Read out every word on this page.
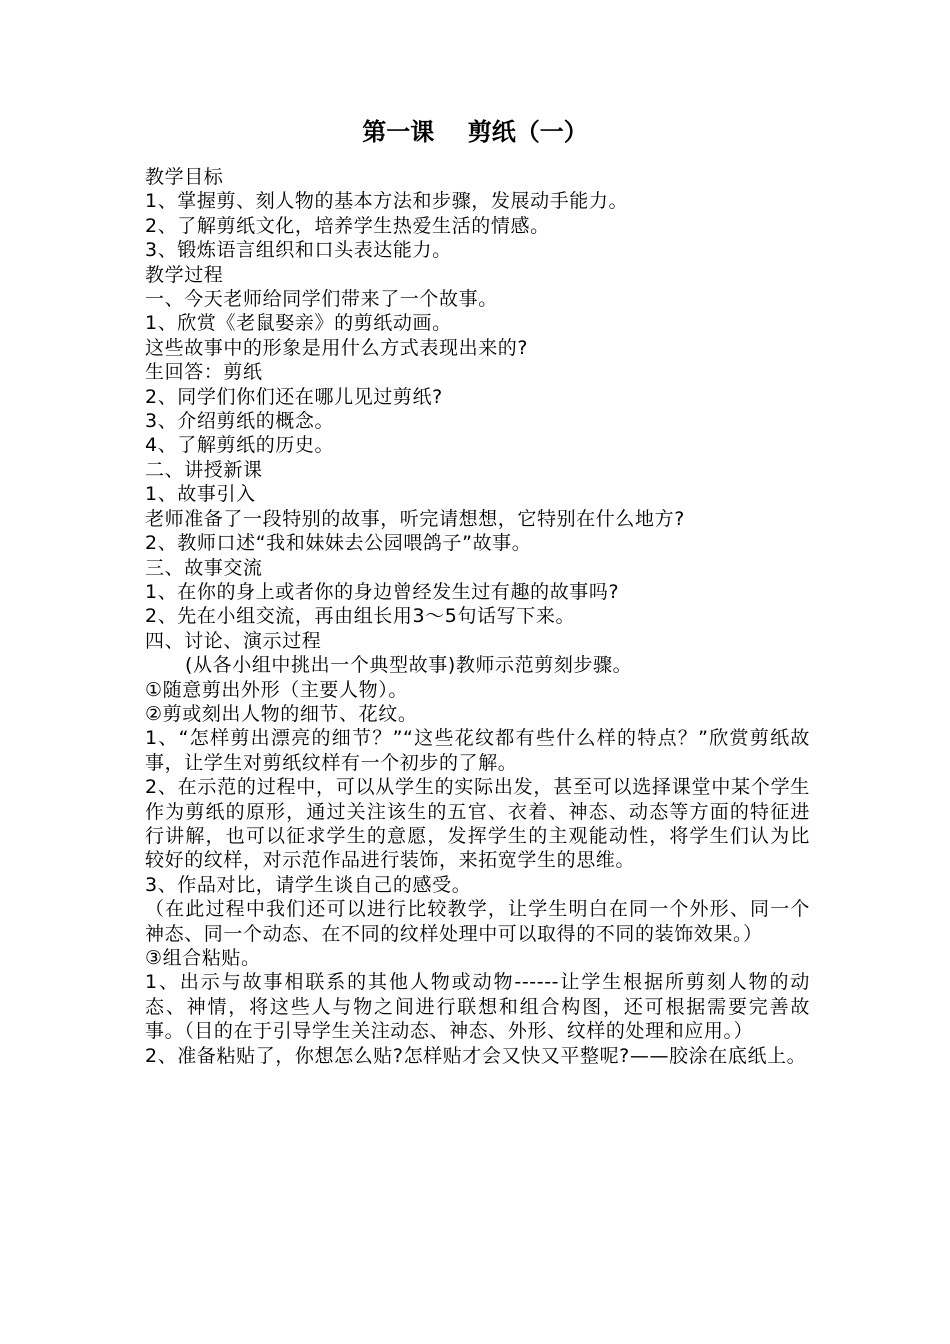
第一课    剪纸（一）

教学目标

1、掌握剪、刻人物的基本方法和步骤，发展动手能力。

2、了解剪纸文化，培养学生热爱生活的情感。

3、锻炼语言组织和口头表达能力。

教学过程

一、今天老师给同学们带来了一个故事。

1、欣赏《老鼠娶亲》的剪纸动画。

这些故事中的形象是用什么方式表现出来的?

生回答：剪纸

2、同学们你们还在哪儿见过剪纸?

3、介绍剪纸的概念。

4、了解剪纸的历史。

二、讲授新课

1、故事引入

老师准备了一段特别的故事，听完请想想，它特别在什么地方?

2、教师口述“我和妹妹去公园喂鸽子”故事。

三、故事交流

1、在你的身上或者你的身边曾经发生过有趣的故事吗?

2、先在小组交流，再由组长用3～5句话写下来。

四、讨论、演示过程

(从各小组中挑出一个典型故事)教师示范剪刻步骤。

①随意剪出外形（主要人物）。

②剪或刻出人物的细节、花纹。

1、“怎样剪出漂亮的细节？”“这些花纹都有些什么样的特点？”欣赏剪纸故事，让学生对剪纸纹样有一个初步的了解。

2、在示范的过程中，可以从学生的实际出发，甚至可以选择课堂中某个学生作为剪纸的原形，通过关注该生的五官、衣着、神态、动态等方面的特征进行讲解，也可以征求学生的意愿，发挥学生的主观能动性，将学生们认为比较好的纹样，对示范作品进行装饰，来拓宽学生的思维。

3、作品对比，请学生谈自己的感受。

（在此过程中我们还可以进行比较教学，让学生明白在同一个外形、同一个神态、同一个动态、在不同的纹样处理中可以取得的不同的装饰效果。）

③组合粘贴。

1、出示与故事相联系的其他人物或动物------让学生根据所剪刻人物的动态、神情，将这些人与物之间进行联想和组合构图，还可根据需要完善故事。（目的在于引导学生关注动态、神态、外形、纹样的处理和应用。）

2、准备粘贴了，你想怎么贴?怎样贴才会又快又平整呢?——胶涂在底纸上。
